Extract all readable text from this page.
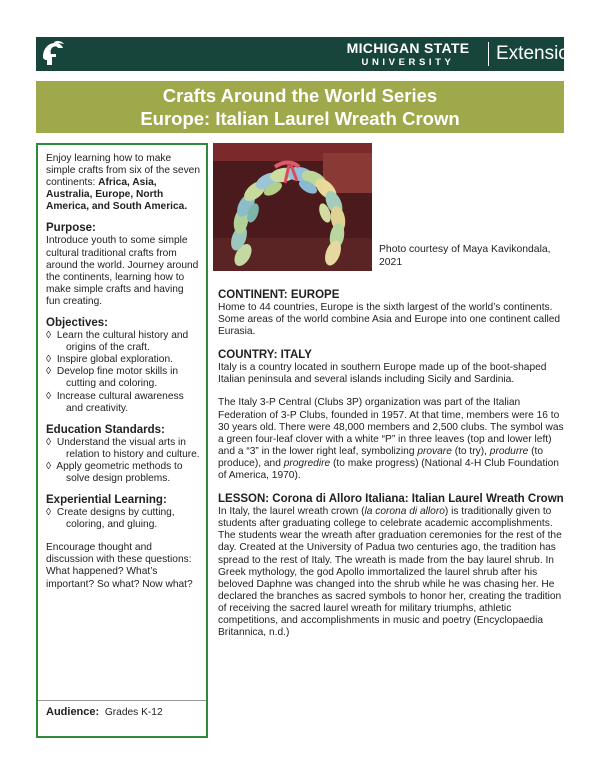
MICHIGAN STATE
UNIVERSITY	Extension
Crafts Around the World Series
Europe: Italian Laurel Wreath Crown

Enjoy learning how to make simple crafts from six of the seven continents: Africa, Asia, Australia, Europe, North America, and South America.

Purpose:

Introduce youth to some simple cultural traditional crafts from around the world. Journey around the continents, learning how to make simple crafts and having fun creating.

Objectives:
◊ Learn the cultural history and origins of the craft.
◊ Inspire global exploration.
◊ Develop fine motor skills in cutting and coloring.
◊ Increase cultural awareness and creativity.
Education Standards:
◊ Understand the visual arts in relation to history and culture.
◊ Apply geometric methods to solve design problems.
Experiential Learning:
◊ Create designs by cutting, coloring, and gluing.

Encourage thought and discussion with these questions:

What happened? What’s important? So what? Now what?

Audience: Grades K-12
Photo courtesy of Maya Kavikondala, 2021
CONTINENT: EUROPE

Home to 44 countries, Europe is the sixth largest of the world’s continents. Some areas of the world combine Asia and Europe into one continent called Eurasia.

COUNTRY: ITALY

Italy is a country located in southern Europe made up of the boot-shaped Italian peninsula and several islands including Sicily and Sardinia.

The Italy 3-P Central (Clubs 3P) organization was part of the Italian Federation of 3-P Clubs, founded in 1957. At that time, members were 16 to 30 years old. There were 48,000 members and 2,500 clubs. The symbol was a green four-leaf clover with a white “P” in three leaves (top and lower left) and a “3” in the lower right leaf, symbolizing provare (to try), produrre (to produce), and progredire (to make progress) (National 4-H Club Foundation of America, 1970).

LESSON: Corona di Alloro Italiana: Italian Laurel Wreath Crown

In Italy, the laurel wreath crown (la corona di alloro) is traditionally given to students after graduating college to celebrate academic accomplishments. The students wear the wreath after graduation ceremonies for the rest of the day. Created at the University of Padua two centuries ago, the tradition has spread to the rest of Italy. The wreath is made from the bay laurel shrub. In Greek mythology, the god Apollo immortalized the laurel shrub after his beloved Daphne was changed into the shrub while he was chasing her. He declared the branches as sacred symbols to honor her, creating the tradition of receiving the sacred laurel wreath for military triumphs, athletic competitions, and accomplishments in music and poetry (Encyclopaedia Britannica, n.d.)
